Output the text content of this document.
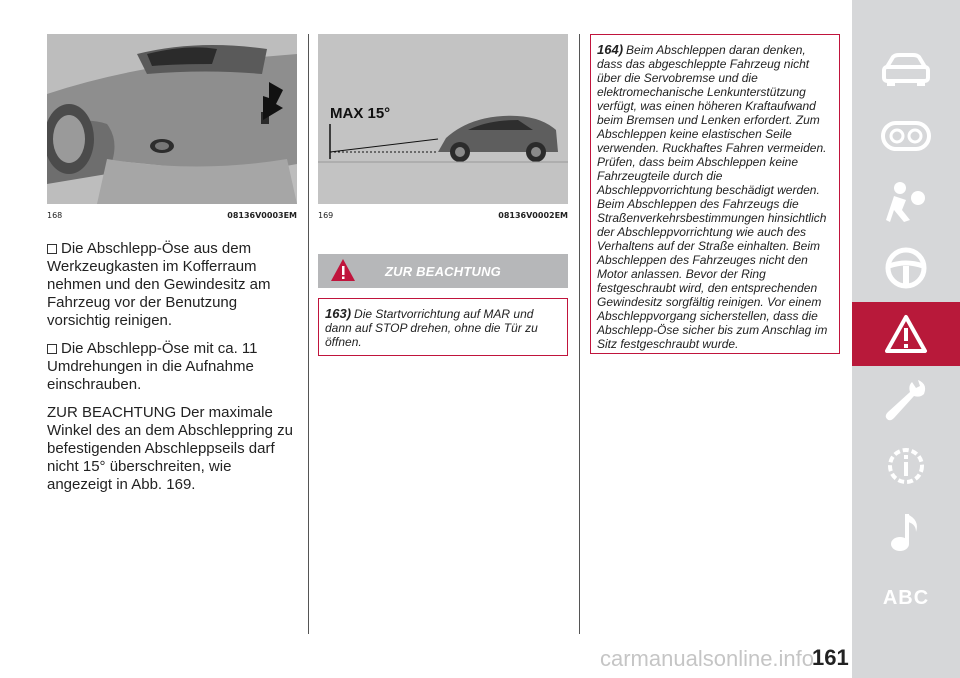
168	08136V0003EM

Die Abschlepp-Öse aus dem Werkzeugkasten im Kofferraum nehmen und den Gewindesitz am Fahrzeug vor der Benutzung vorsichtig reinigen.

Die Abschlepp-Öse mit ca. 11 Umdrehungen in die Aufnahme einschrauben.

ZUR BEACHTUNG Der maximale Winkel des an dem Abschleppring zu befestigenden Abschleppseils darf nicht 15° überschreiten, wie angezeigt in Abb. 169.

MAX 15°
169	08136V0002EM
ZUR BEACHTUNG
163) Die Startvorrichtung auf MAR und dann auf STOP drehen, ohne die Tür zu öffnen.
164) Beim Abschleppen daran denken, dass das abgeschleppte Fahrzeug nicht über die Servobremse und die elektromechanische Lenkunterstützung verfügt, was einen höheren Kraftaufwand beim Bremsen und Lenken erfordert. Zum Abschleppen keine elastischen Seile verwenden. Ruckhaftes Fahren vermeiden. Prüfen, dass beim Abschleppen keine Fahrzeugteile durch die Abschleppvorrichtung beschädigt werden. Beim Abschleppen des Fahrzeugs die Straßenverkehrsbestimmungen hinsichtlich der Abschleppvorrichtung wie auch des Verhaltens auf der Straße einhalten. Beim Abschleppen des Fahrzeuges nicht den Motor anlassen. Bevor der Ring festgeschraubt wird, den entsprechenden Gewindesitz sorgfältig reinigen. Vor einem Abschleppvorgang sicherstellen, dass die Abschlepp-Öse sicher bis zum Anschlag im Sitz festgeschraubt wurde.
ABC
carmanualsonline.info
161
